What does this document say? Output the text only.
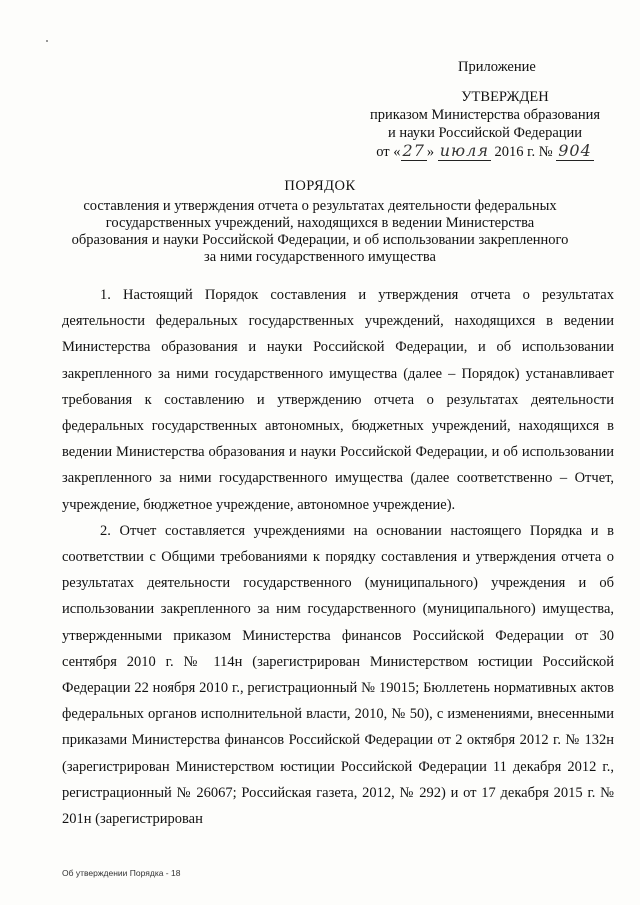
Приложение
УТВЕРЖДЕН
приказом Министерства образования
и науки Российской Федерации
от « 27 » июля 2016 г. № 904
ПОРЯДОК
составления и утверждения отчета о результатах деятельности федеральных государственных учреждений, находящихся в ведении Министерства образования и науки Российской Федерации, и об использовании закрепленного за ними государственного имущества

1. Настоящий Порядок составления и утверждения отчета о результатах деятельности федеральных государственных учреждений, находящихся в ведении Министерства образования и науки Российской Федерации, и об использовании закрепленного за ними государственного имущества (далее – Порядок) устанавливает требования к составлению и утверждению отчета о результатах деятельности федеральных государственных автономных, бюджетных учреждений, находящихся в ведении Министерства образования и науки Российской Федерации, и об использовании закрепленного за ними государственного имущества (далее соответственно – Отчет, учреждение, бюджетное учреждение, автономное учреждение).

2. Отчет составляется учреждениями на основании настоящего Порядка и в соответствии с Общими требованиями к порядку составления и утверждения отчета о результатах деятельности государственного (муниципального) учреждения и об использовании закрепленного за ним государственного (муниципального) имущества, утвержденными приказом Министерства финансов Российской Федерации от 30 сентября 2010 г. № 114н (зарегистрирован Министерством юстиции Российской Федерации 22 ноября 2010 г., регистрационный № 19015; Бюллетень нормативных актов федеральных органов исполнительной власти, 2010, № 50), с изменениями, внесенными приказами Министерства финансов Российской Федерации от 2 октября 2012 г. № 132н (зарегистрирован Министерством юстиции Российской Федерации 11 декабря 2012 г., регистрационный № 26067; Российская газета, 2012, № 292) и от 17 декабря 2015 г. № 201н (зарегистрирован

Об утверждении Порядка - 18
